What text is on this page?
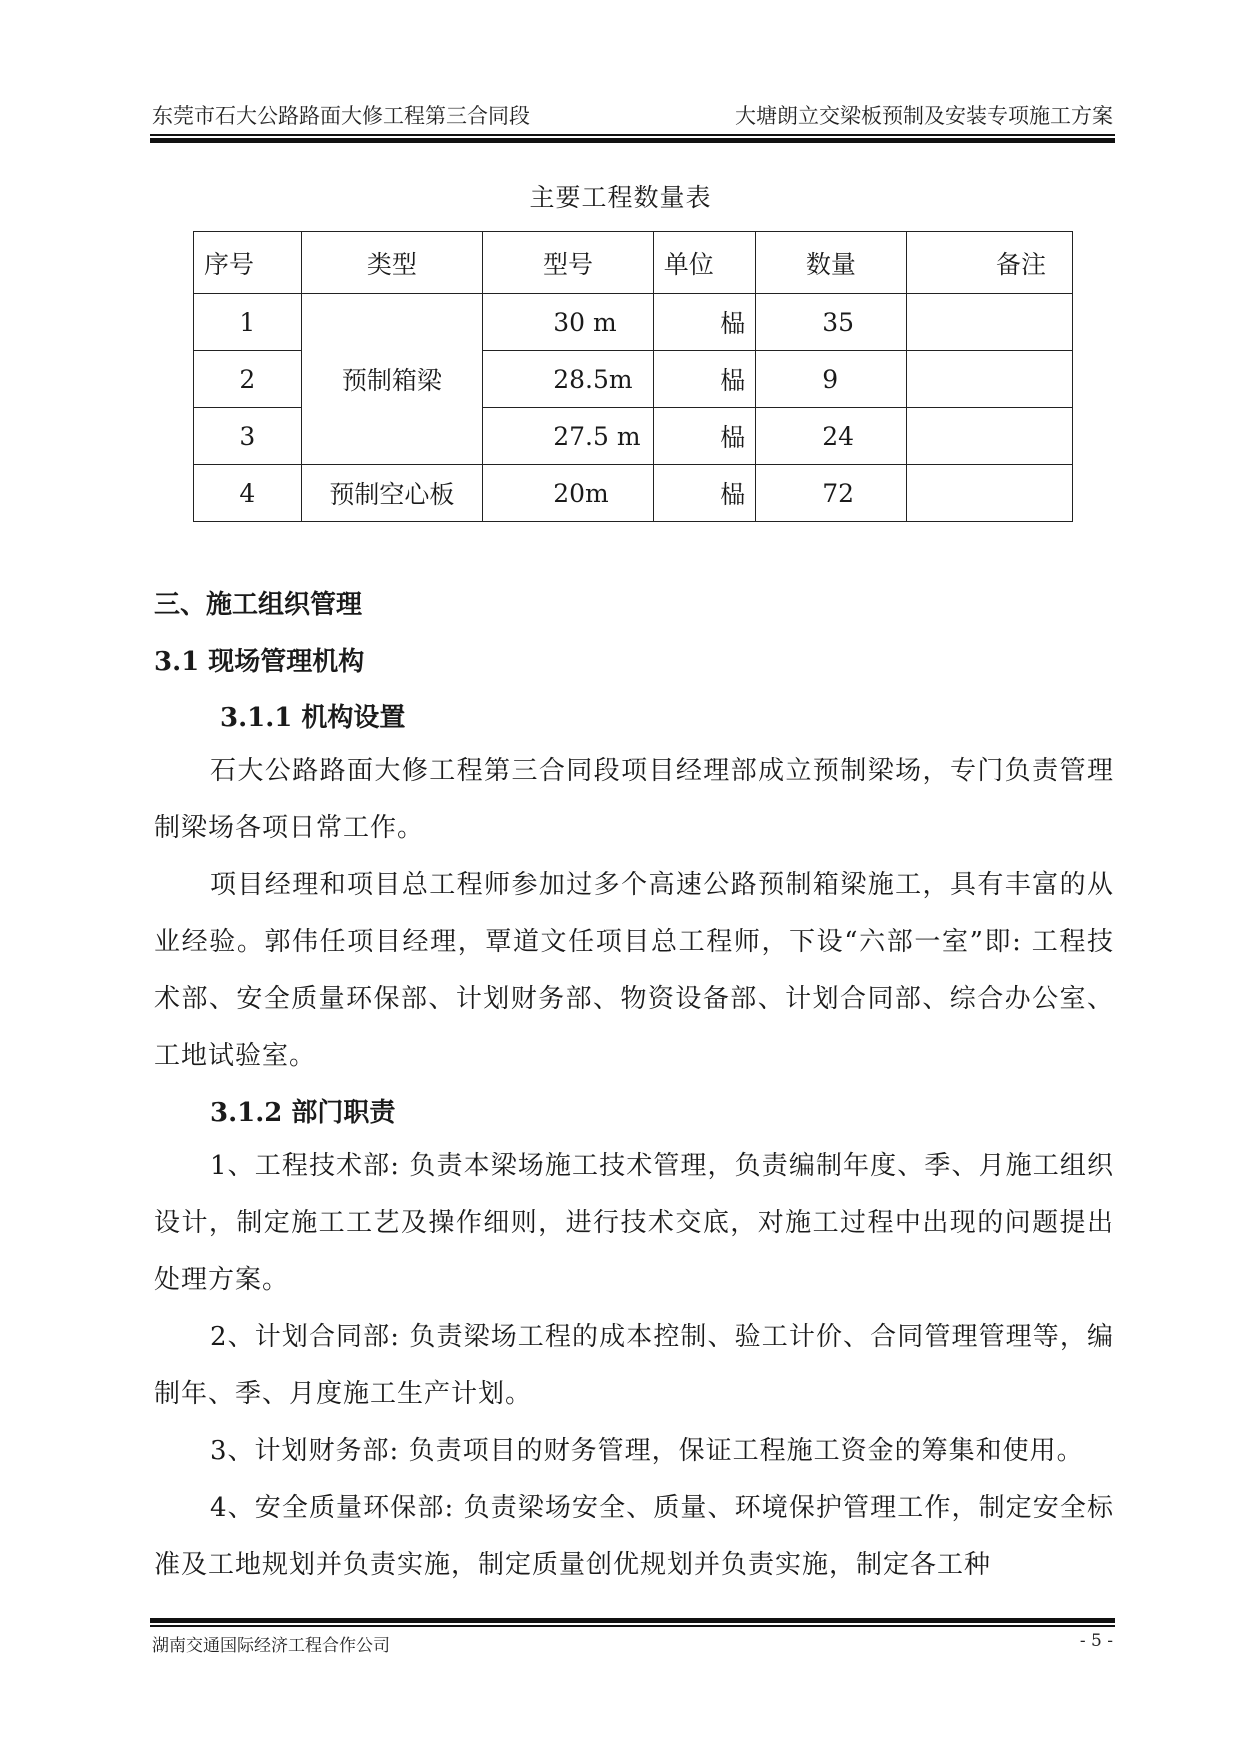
东莞市石大公路路面大修工程第三合同段	大塘朗立交梁板预制及安装专项施工方案
主要工程数量表
序号	类型	型号	单位	数量	备注
1	预制箱梁	30 m	榀	35	
2		28.5m	榀	9	
3		27.5 m	榀	24	
4	预制空心板	20m	榀	72	
三、施工组织管理
3.1 现场管理机构
3.1.1 机构设置
石大公路路面大修工程第三合同段项目经理部成立预制梁场，专门负责管理制梁场各项日常工作。
项目经理和项目总工程师参加过多个高速公路预制箱梁施工，具有丰富的从业经验。郭伟任项目经理，覃道文任项目总工程师，下设“六部一室”即: 工程技术部、安全质量环保部、计划财务部、物资设备部、计划合同部、综合办公室、工地试验室。
3.1.2 部门职责
1、工程技术部: 负责本梁场施工技术管理，负责编制年度、季、月施工组织设计，制定施工工艺及操作细则，进行技术交底，对施工过程中出现的问题提出处理方案。
2、计划合同部: 负责梁场工程的成本控制、验工计价、合同管理管理等，编制年、季、月度施工生产计划。
3、计划财务部: 负责项目的财务管理，保证工程施工资金的筹集和使用。
4、安全质量环保部: 负责梁场安全、质量、环境保护管理工作，制定安全标准及工地规划并负责实施，制定质量创优规划并负责实施，制定各工种
湖南交通国际经济工程合作公司	- 5 -
